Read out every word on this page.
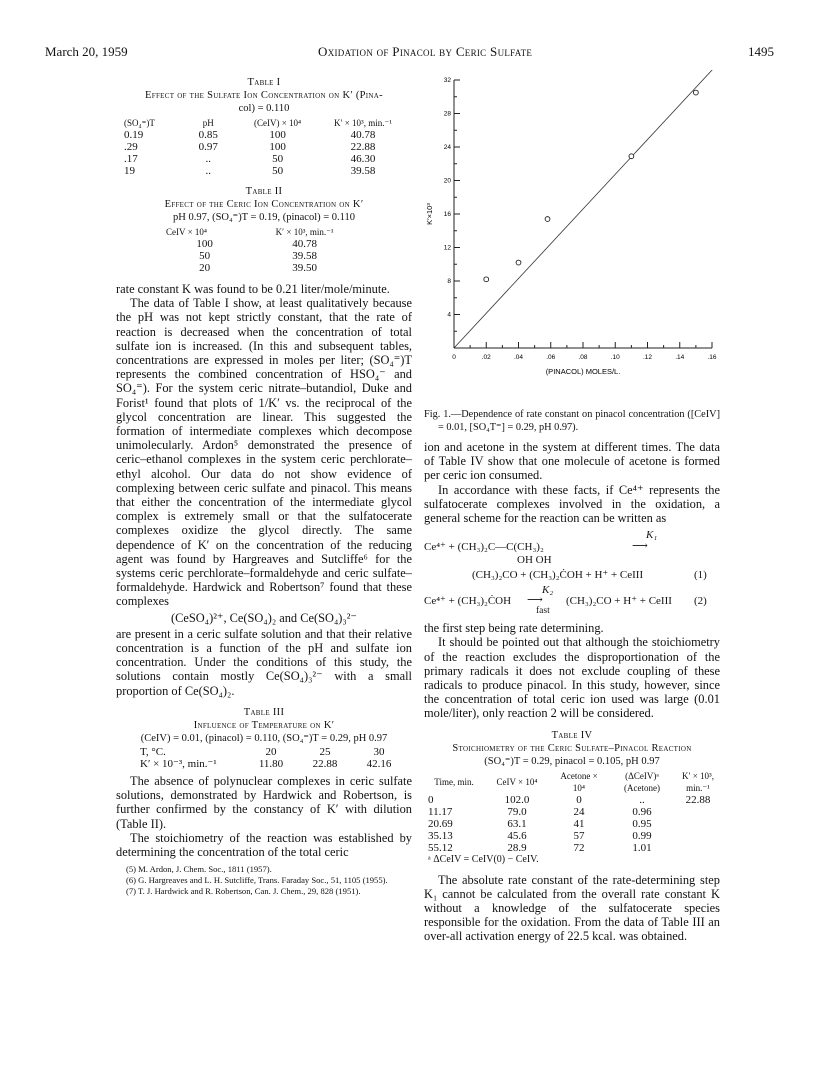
March 20, 1959	Oxidation of Pinacol by Ceric Sulfate	1495
Table I
Effect of the Sulfate Ion Concentration on K′ (Pina-
col) = 0.110
(SO₄⁼)T	pH	(CeIV) × 10⁴	K′ × 10³, min.⁻¹
0.19	0.85	100	40.78
.29	0.97	100	22.88
.17	..	50	46.30
19	..	50	39.58
Table II
Effect of the Ceric Ion Concentration on K′
pH 0.97, (SO₄⁼)T = 0.19, (pinacol) = 0.110
CeIV × 10⁴	K′ × 10³, min.⁻¹
100	40.78
50	39.58
20	39.50

rate constant K was found to be 0.21 liter/mole/minute.

The data of Table I show, at least qualitatively because the pH was not kept strictly constant, that the rate of reaction is decreased when the concentration of total sulfate ion is increased. (In this and subsequent tables, concentrations are expressed in moles per liter; (SO₄⁼)T represents the combined concentration of HSO₄⁻ and SO₄⁼). For the system ceric nitrate–butandiol, Duke and Forist¹ found that plots of 1/K′ vs. the reciprocal of the glycol concentration are linear. This suggested the formation of intermediate complexes which decompose unimolecularly. Ardon⁵ demonstrated the presence of ceric–ethanol complexes in the system ceric perchlorate–ethyl alcohol. Our data do not show evidence of complexing between ceric sulfate and pinacol. This means that either the concentration of the intermediate glycol complex is extremely small or that the sulfatocerate complexes oxidize the glycol directly. The same dependence of K′ on the concentration of the reducing agent was found by Hargreaves and Sutcliffe⁶ for the systems ceric perchlorate–formaldehyde and ceric sulfate–formaldehyde. Hardwick and Robertson⁷ found that these complexes

(CeSO₄)²⁺, Ce(SO₄)₂ and Ce(SO₄)₃²⁻

are present in a ceric sulfate solution and that their relative concentration is a function of the pH and sulfate ion concentration. Under the conditions of this study, the solutions contain mostly Ce(SO₄)₃²⁻ with a small proportion of Ce(SO₄)₂.

Table III
Influence of Temperature on K′
(CeIV) = 0.01, (pinacol) = 0.110, (SO₄⁼)T = 0.29, pH 0.97
T, °C.	20	25	30
K′ × 10⁻³, min.⁻¹	11.80	22.88	42.16

The absence of polynuclear complexes in ceric sulfate solutions, demonstrated by Hardwick and Robertson, is further confirmed by the constancy of K′ with dilution (Table II).

The stoichiometry of the reaction was established by determining the concentration of the total ceric

(5) M. Ardon, J. Chem. Soc., 1811 (1957).
(6) G. Hargreaves and L. H. Sutcliffe, Trans. Faraday Soc., 51, 1105 (1955).
(7) T. J. Hardwick and R. Robertson, Can. J. Chem., 29, 828 (1951).
0	.02	.04	.06	.08	.10	.12	.14	.16
4
8
12
16
20
24
28
32
(PINACOL) MOLES/L.
K′×10³
Fig. 1.—Dependence of rate constant on pinacol concentration ([CeIV] = 0.01, [SO₄T⁼] = 0.29, pH 0.97).

ion and acetone in the system at different times. The data of Table IV show that one molecule of acetone is formed per ceric ion consumed.

In accordance with these facts, if Ce⁴⁺ represents the sulfatocerate complexes involved in the oxidation, a general scheme for the reaction can be written as

Ce⁴⁺ + (CH₃)₂C—C(CH₃)₂
K₁
⟶
OH OH
(CH₃)₂CO + (CH₃)₂ĊOH + H⁺ + CeIII	(1)
Ce⁴⁺ + (CH₃)₂ĊOH
K₂
⟶
fast
(CH₃)₂CO + H⁺ + CeIII (2)

the first step being rate determining.

It should be pointed out that although the stoichiometry of the reaction excludes the disproportionation of the primary radicals it does not exclude coupling of these radicals to produce pinacol. In this study, however, since the concentration of total ceric ion used was large (0.01 mole/liter), only reaction 2 will be considered.

Table IV
Stoichiometry of the Ceric Sulfate–Pinacol Reaction
(SO₄⁼)T = 0.29, pinacol = 0.105, pH 0.97
Time, min.	CeIV × 10⁴	Acetone × 10⁴	(ΔCeIV)ᵃ (Acetone)	K′ × 10³, min.⁻¹
0	102.0	0	..	22.88
11.17	79.0	24	0.96	
20.69	63.1	41	0.95	
35.13	45.6	57	0.99	
55.12	28.9	72	1.01	
ᵃ ΔCeIV = CeIV(0) − CeIV.

The absolute rate constant of the rate-determining step K₁ cannot be calculated from the overall rate constant K without a knowledge of the sulfatocerate species responsible for the oxidation. From the data of Table III an over-all activation energy of 22.5 kcal. was obtained.
